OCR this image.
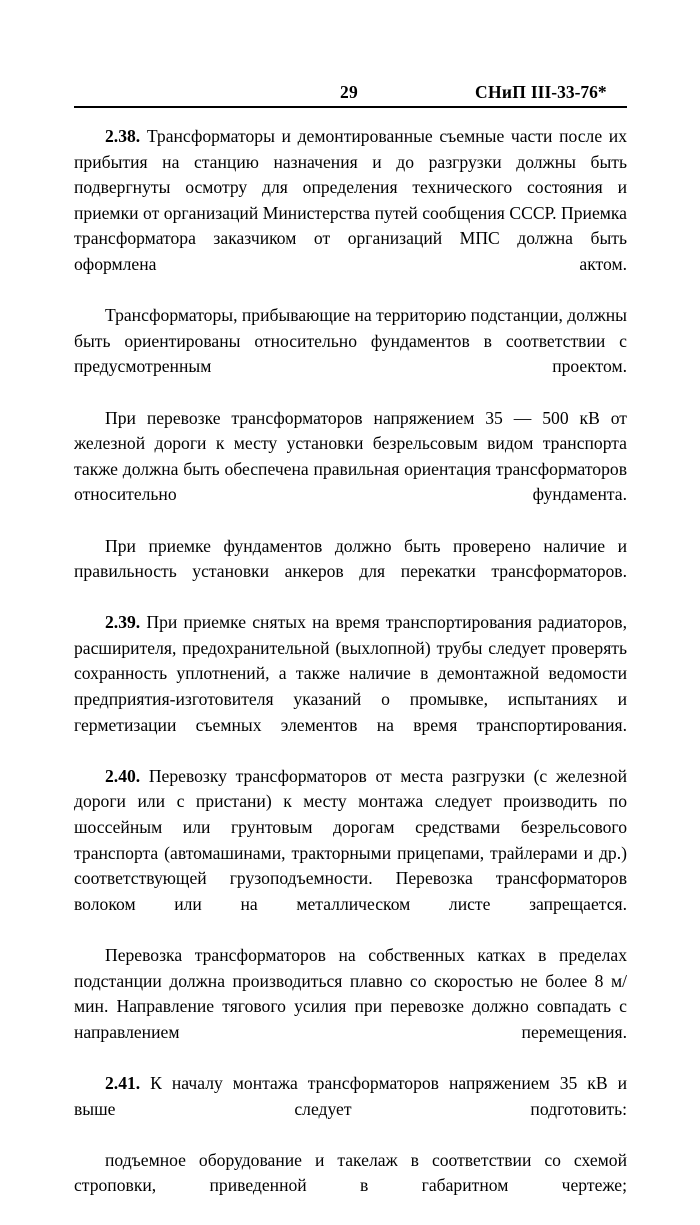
29	СНиП III-33-76*

2.38. Трансформаторы и демонтированные съемные части после их прибытия на станцию назначения и до разгрузки должны быть подвергнуты осмотру для определения технического состояния и приемки от организаций Министерства путей сообщения СССР. Приемка трансформатора заказчиком от организаций МПС должна быть оформлена актом.

Трансформаторы, прибывающие на территорию подстанции, должны быть ориентированы относительно фундаментов в соответствии с предусмотренным проектом.

При перевозке трансформаторов напряжением 35 — 500 кВ от железной дороги к месту установки безрельсовым видом транспорта также должна быть обеспечена правильная ориентация трансформаторов относительно фундамента.

При приемке фундаментов должно быть проверено наличие и правильность установки анкеров для перекатки трансформаторов.

2.39. При приемке снятых на время транспортирования радиаторов, расширителя, предохранительной (выхлопной) трубы следует проверять сохранность уплотнений, а также наличие в демонтажной ведомости предприятия-изготовителя указаний о промывке, испытаниях и герметизации съемных элементов на время транспортирования.

2.40. Перевозку трансформаторов от места разгрузки (с железной дороги или с пристани) к месту монтажа следует производить по шоссейным или грунтовым дорогам средствами безрельсового транспорта (автомашинами, тракторными прицепами, трайлерами и др.) соответствующей грузоподъемности. Перевозка трансформаторов волоком или на металлическом листе запрещается.

Перевозка трансформаторов на собственных катках в пределах подстанции должна производиться плавно со скоростью не более 8 м/мин. Направление тягового усилия при перевозке должно совпадать с направлением перемещения.

2.41. К началу монтажа трансформаторов напряжением 35 кВ и выше следует подготовить:

подъемное оборудование и такелаж в соответствии со схемой строповки, приведенной в габаритном чертеже;
